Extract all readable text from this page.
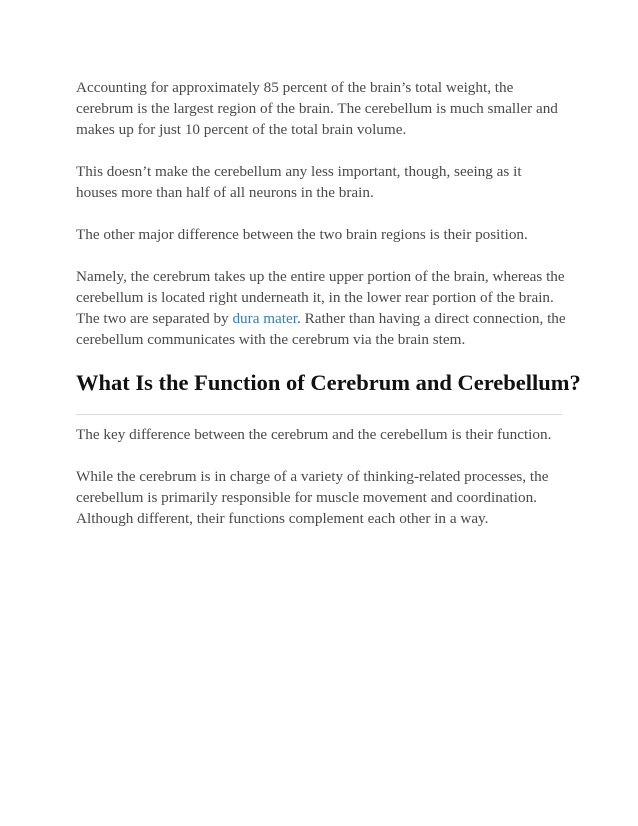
Accounting for approximately 85 percent of the brain’s total weight, the cerebrum is the largest region of the brain. The cerebellum is much smaller and makes up for just 10 percent of the total brain volume.

This doesn’t make the cerebellum any less important, though, seeing as it houses more than half of all neurons in the brain.

The other major difference between the two brain regions is their position.

Namely, the cerebrum takes up the entire upper portion of the brain, whereas the cerebellum is located right underneath it, in the lower rear portion of the brain. The two are separated by dura mater. Rather than having a direct connection, the cerebellum communicates with the cerebrum via the brain stem.

What Is the Function of Cerebrum and Cerebellum?

The key difference between the cerebrum and the cerebellum is their function.

While the cerebrum is in charge of a variety of thinking-related processes, the cerebellum is primarily responsible for muscle movement and coordination. Although different, their functions complement each other in a way.
